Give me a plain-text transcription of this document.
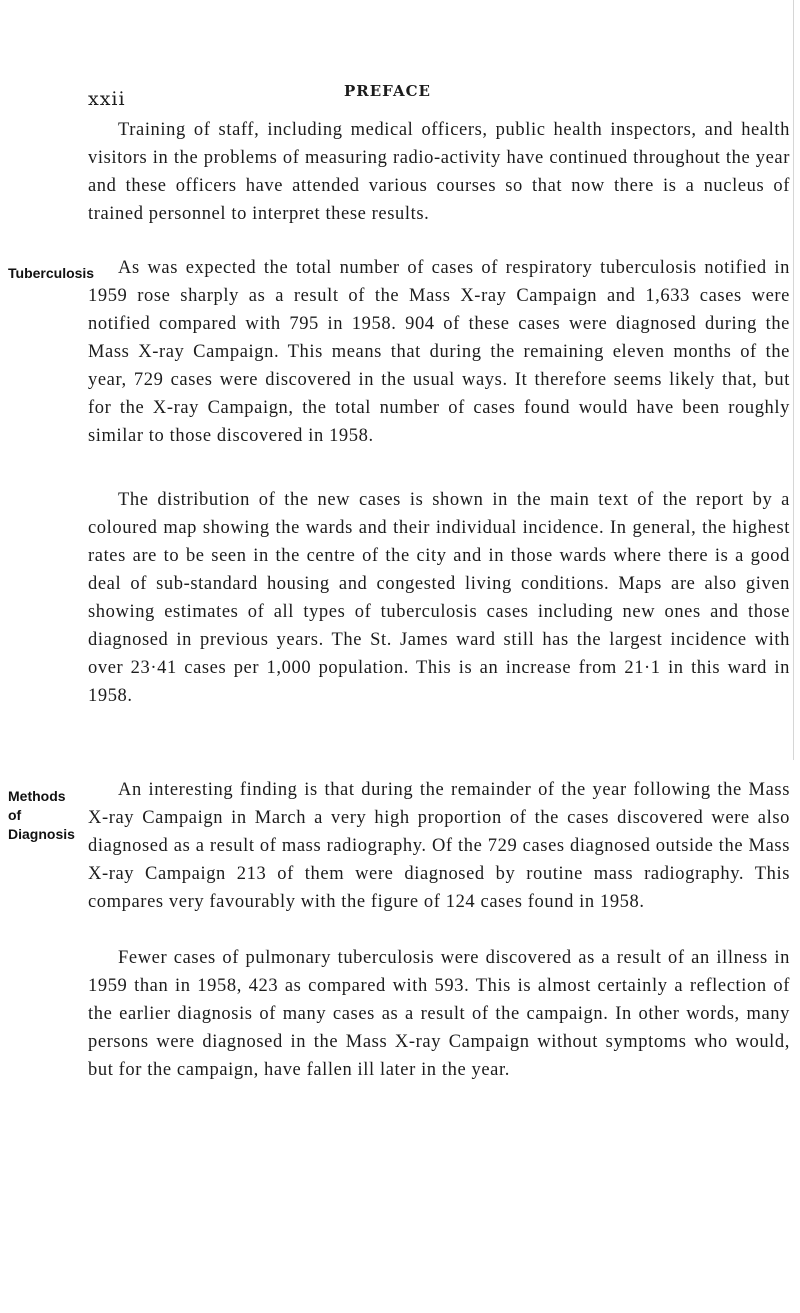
xxii	PREFACE
Tuberculosis
Methods of Diagnosis

Training of staff, including medical officers, public health inspectors, and health visitors in the problems of measuring radio-activity have continued throughout the year and these officers have attended various courses so that now there is a nucleus of trained personnel to interpret these results.

As was expected the total number of cases of respiratory tuberculosis notified in 1959 rose sharply as a result of the Mass X-ray Campaign and 1,633 cases were notified compared with 795 in 1958. 904 of these cases were diagnosed during the Mass X-ray Campaign. This means that during the remaining eleven months of the year, 729 cases were discovered in the usual ways. It therefore seems likely that, but for the X-ray Campaign, the total number of cases found would have been roughly similar to those discovered in 1958.

The distribution of the new cases is shown in the main text of the report by a coloured map showing the wards and their individual incidence. In general, the highest rates are to be seen in the centre of the city and in those wards where there is a good deal of sub-standard housing and congested living conditions. Maps are also given showing estimates of all types of tuberculosis cases including new ones and those diagnosed in previous years. The St. James ward still has the largest incidence with over 23·41 cases per 1,000 population. This is an increase from 21·1 in this ward in 1958.

An interesting finding is that during the remainder of the year following the Mass X-ray Campaign in March a very high proportion of the cases discovered were also diagnosed as a result of mass radiography. Of the 729 cases diagnosed outside the Mass X-ray Campaign 213 of them were diagnosed by routine mass radiography. This compares very favourably with the figure of 124 cases found in 1958.

Fewer cases of pulmonary tuberculosis were discovered as a result of an illness in 1959 than in 1958, 423 as compared with 593. This is almost certainly a reflection of the earlier diagnosis of many cases as a result of the campaign. In other words, many persons were diagnosed in the Mass X-ray Campaign without symptoms who would, but for the campaign, have fallen ill later in the year.
